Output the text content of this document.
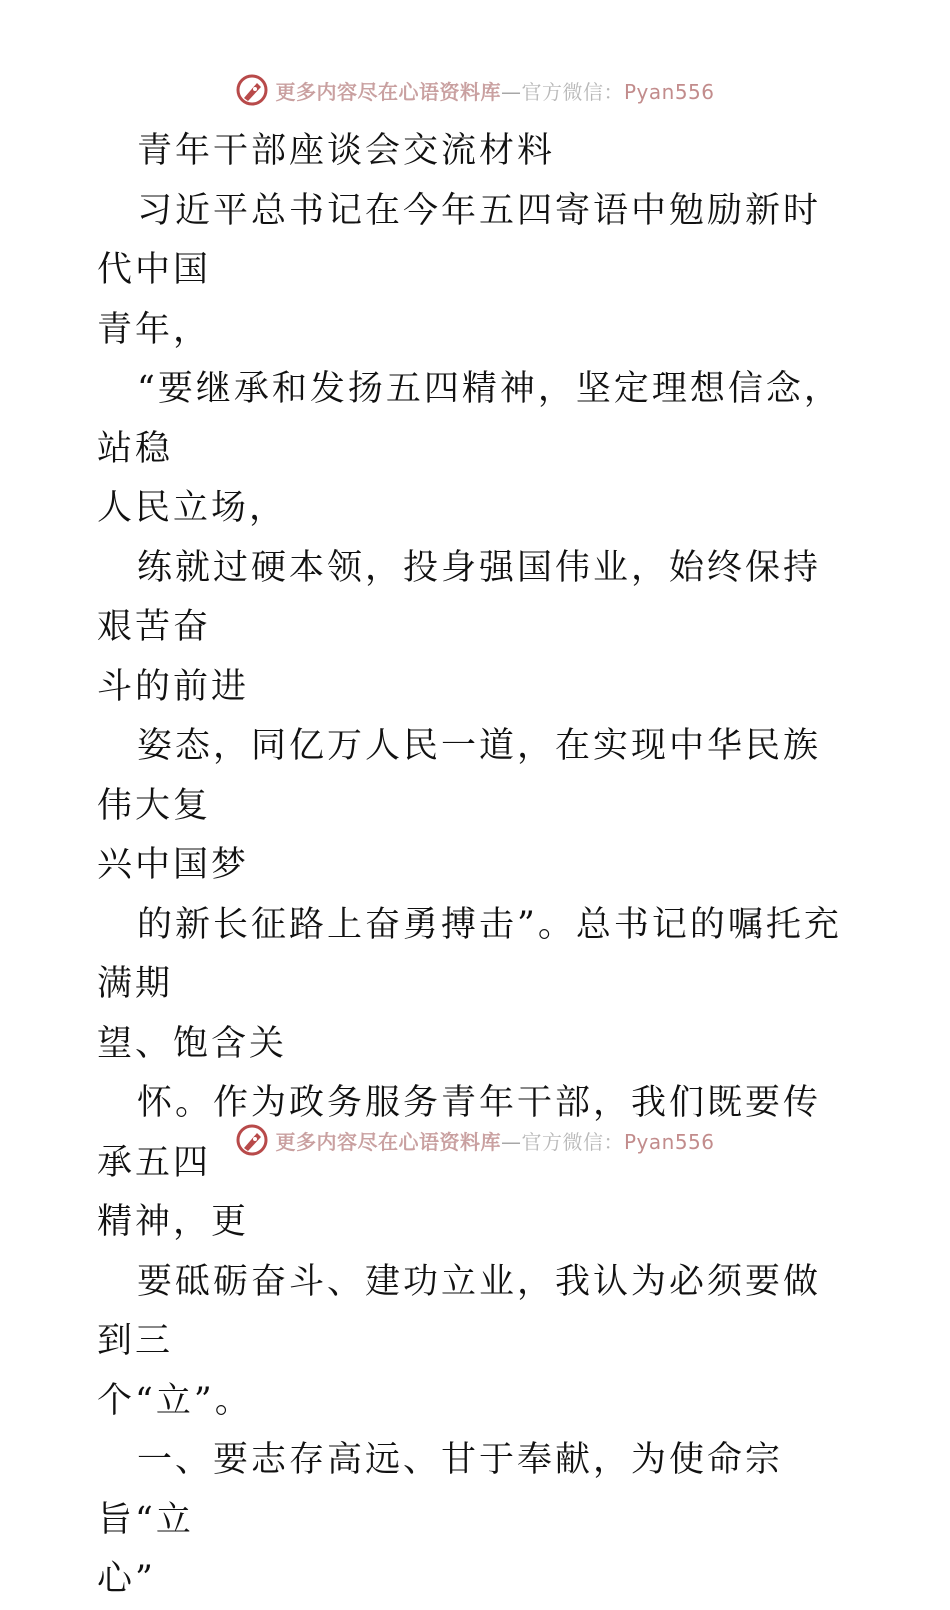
更多内容尽在心语资料库—官方微信：Pyan556

青年干部座谈会交流材料

习近平总书记在今年五四寄语中勉励新时代中国
青年，

“要继承和发扬五四精神，坚定理想信念，站稳
人民立场，

练就过硬本领，投身强国伟业，始终保持艰苦奋
斗的前进

姿态，同亿万人民一道，在实现中华民族伟大复
兴中国梦

的新长征路上奋勇搏击”。总书记的嘱托充满期
望、饱含关

怀。作为政务服务青年干部，我们既要传承五四
精神，更

要砥砺奋斗、建功立业，我认为必须要做到三
个“立”。

一、要志存高远、甘于奉献，为使命宗旨“立
心”

更多内容尽在心语资料库—官方微信：Pyan556
